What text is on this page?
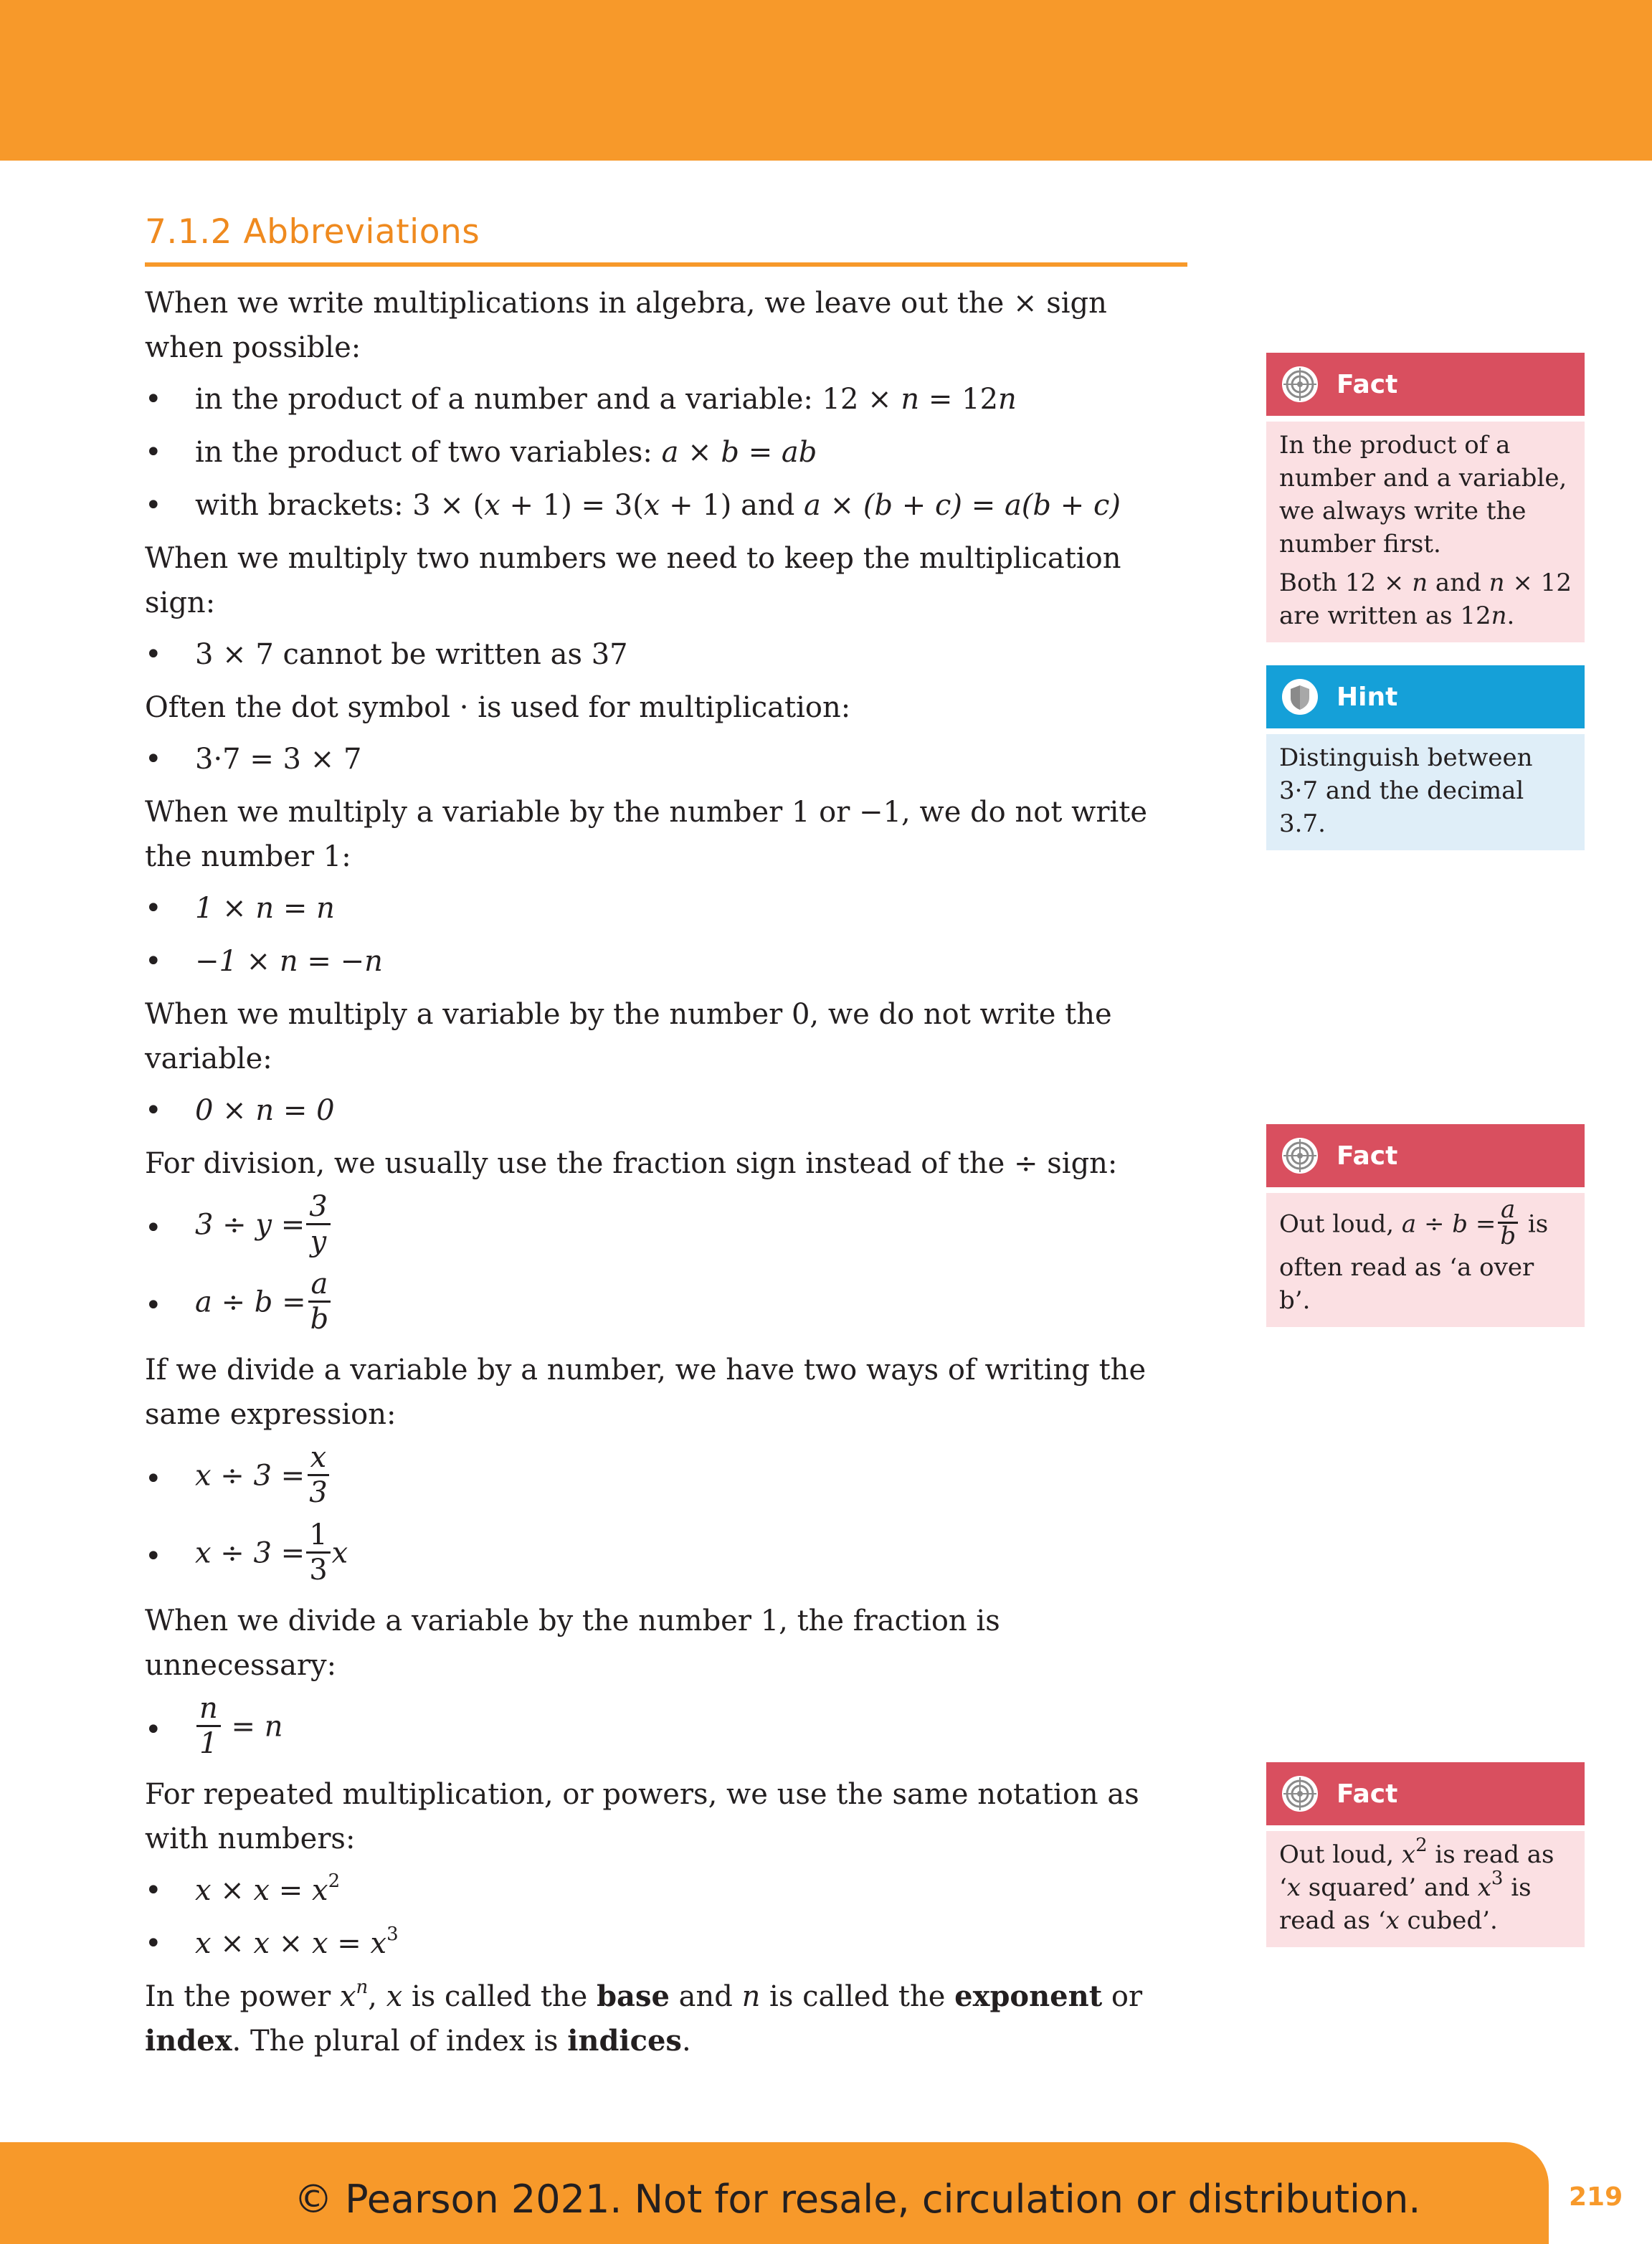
7.1.2 Abbreviations

When we write multiplications in algebra, we leave out the × sign when possible:

• in the product of a number and a variable: 12 × n = 12n
• in the product of two variables: a × b = ab
• with brackets: 3 × (x + 1) = 3(x + 1) and a × (b + c) = a(b + c)

When we multiply two numbers we need to keep the multiplication sign:

• 3 × 7 cannot be written as 37

Often the dot symbol · is used for multiplication:

• 3·7 = 3 × 7

When we multiply a variable by the number 1 or −1, we do not write the number 1:

• 1 × n = n
• −1 × n = −n

When we multiply a variable by the number 0, we do not write the variable:

• 0 × n = 0

For division, we usually use the fraction sign instead of the ÷ sign:

• $3 \div y = \frac{3}{y}$
• $a \div b = \frac{a}{b}$

If we divide a variable by a number, we have two ways of writing the same expression:

• $x \div 3 = \frac{x}{3}$
• $x \div 3 = \frac{1}{3}$ x

When we divide a variable by the number 1, the fraction is unnecessary:

• $\frac{n}{1} = n$

For repeated multiplication, or powers, we use the same notation as with numbers:

• $x \times x = x^2$
• $x \times x \times x = x^3$

In the power $x^n$, x is called the base and n is called the exponent or index. The plural of index is indices.

Fact

In the product of a number and a variable, we always write the number first.

Both 12 × n and n × 12 are written as 12n.

Hint

Distinguish between 3·7 and the decimal 3.7.

Fact

Out loud, $a \div b = \frac{a}{b}$ is often read as ‘a over b’.

Fact

Out loud, $x^2$ is read as ‘x squared’ and $x^3$ is read as ‘x cubed’.

© Pearson 2021. Not for resale, circulation or distribution.	219
